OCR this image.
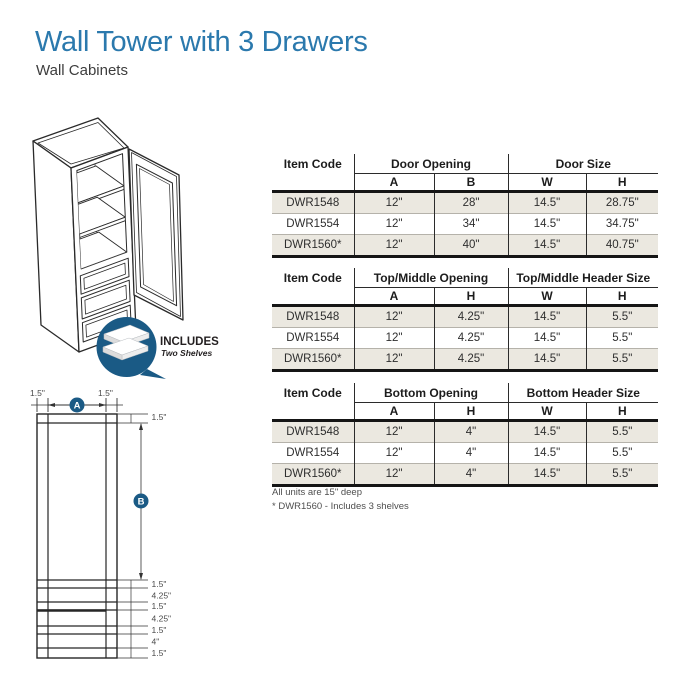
Wall Tower with 3 Drawers
Wall Cabinets
INCLUDES
Two Shelves
A
B
1.5"	1.5"
1.5"
1.5"
4.25"
1.5"
4.25"
1.5"
4"
1.5"
Item Code	Door Opening		Door Size	
	A	B	W	H
DWR1548	12"	28"	14.5"	28.75"
DWR1554	12"	34"	14.5"	34.75"
DWR1560*	12"	40"	14.5"	40.75"
Item Code	Top/Middle Opening		Top/Middle Header Size	
	A	H	W	H
DWR1548	12"	4.25"	14.5"	5.5"
DWR1554	12"	4.25"	14.5"	5.5"
DWR1560*	12"	4.25"	14.5"	5.5"
Item Code	Bottom Opening		Bottom Header Size	
	A	H	W	H
DWR1548	12"	4"	14.5"	5.5"
DWR1554	12"	4"	14.5"	5.5"
DWR1560*	12"	4"	14.5"	5.5"
All units are 15" deep
* DWR1560 - Includes 3 shelves
